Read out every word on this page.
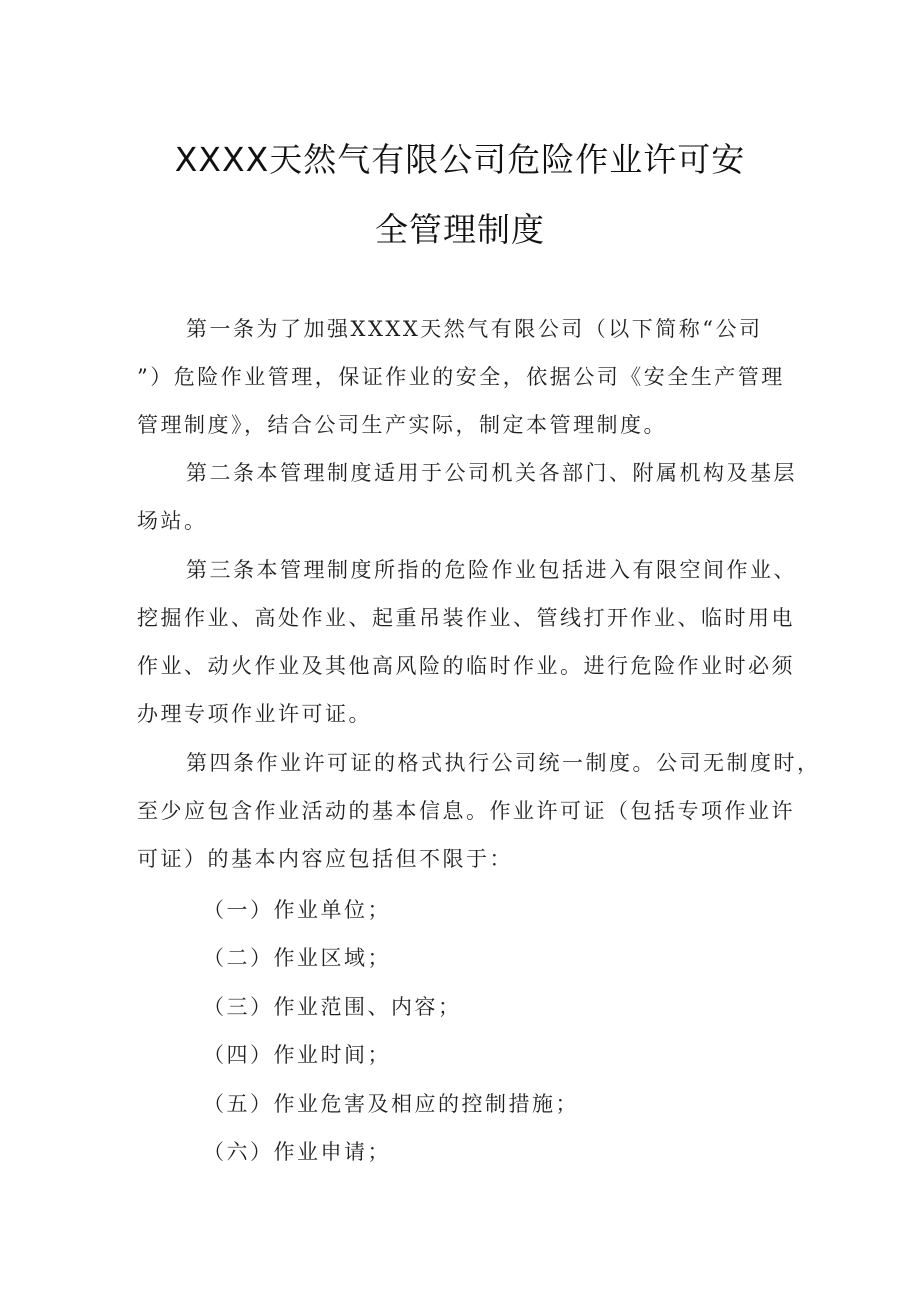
XXXX天然气有限公司危险作业许可安
全管理制度
第一条为了加强XXXX天然气有限公司（以下简称“公司
”）危险作业管理，保证作业的安全，依据公司《安全生产管理
管理制度》，结合公司生产实际，制定本管理制度。
第二条本管理制度适用于公司机关各部门、附属机构及基层
场站。
第三条本管理制度所指的危险作业包括进入有限空间作业、
挖掘作业、高处作业、起重吊装作业、管线打开作业、临时用电
作业、动火作业及其他高风险的临时作业。进行危险作业时必须
办理专项作业许可证。
第四条作业许可证的格式执行公司统一制度。公司无制度时，
至少应包含作业活动的基本信息。作业许可证（包括专项作业许
可证）的基本内容应包括但不限于：
（一）作业单位；
（二）作业区域；
（三）作业范围、内容；
（四）作业时间；
（五）作业危害及相应的控制措施；
（六）作业申请；
